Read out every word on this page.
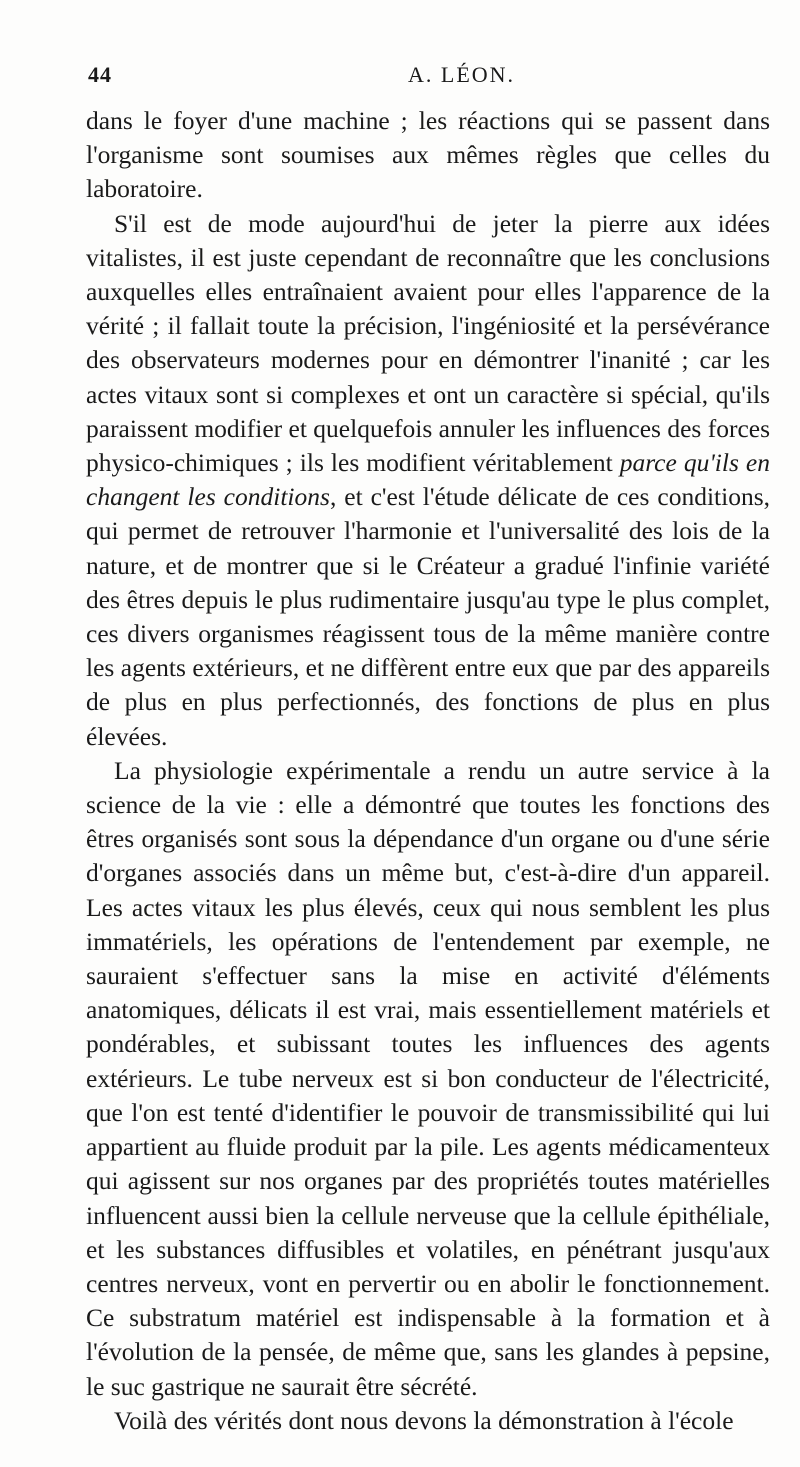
44	A. LÉON.

dans le foyer d'une machine ; les réactions qui se passent dans l'organisme sont soumises aux mêmes règles que celles du laboratoire.

S'il est de mode aujourd'hui de jeter la pierre aux idées vitalistes, il est juste cependant de reconnaître que les conclusions auxquelles elles entraînaient avaient pour elles l'apparence de la vérité ; il fallait toute la précision, l'ingéniosité et la persévérance des observateurs modernes pour en démontrer l'inanité ; car les actes vitaux sont si complexes et ont un caractère si spécial, qu'ils paraissent modifier et quelquefois annuler les influences des forces physico-chimiques ; ils les modifient véritablement parce qu'ils en changent les conditions, et c'est l'étude délicate de ces conditions, qui permet de retrouver l'harmonie et l'universalité des lois de la nature, et de montrer que si le Créateur a gradué l'infinie variété des êtres depuis le plus rudimentaire jusqu'au type le plus complet, ces divers organismes réagissent tous de la même manière contre les agents extérieurs, et ne diffèrent entre eux que par des appareils de plus en plus perfectionnés, des fonctions de plus en plus élevées.

La physiologie expérimentale a rendu un autre service à la science de la vie : elle a démontré que toutes les fonctions des êtres organisés sont sous la dépendance d'un organe ou d'une série d'organes associés dans un même but, c'est-à-dire d'un appareil. Les actes vitaux les plus élevés, ceux qui nous semblent les plus immatériels, les opérations de l'entendement par exemple, ne sauraient s'effectuer sans la mise en activité d'éléments anatomiques, délicats il est vrai, mais essentiellement matériels et pondérables, et subissant toutes les influences des agents extérieurs. Le tube nerveux est si bon conducteur de l'électricité, que l'on est tenté d'identifier le pouvoir de transmissibilité qui lui appartient au fluide produit par la pile. Les agents médicamenteux qui agissent sur nos organes par des propriétés toutes matérielles influencent aussi bien la cellule nerveuse que la cellule épithéliale, et les substances diffusibles et volatiles, en pénétrant jusqu'aux centres nerveux, vont en pervertir ou en abolir le fonctionnement. Ce substratum matériel est indispensable à la formation et à l'évolution de la pensée, de même que, sans les glandes à pepsine, le suc gastrique ne saurait être sécrété.

Voilà des vérités dont nous devons la démonstration à l'école
